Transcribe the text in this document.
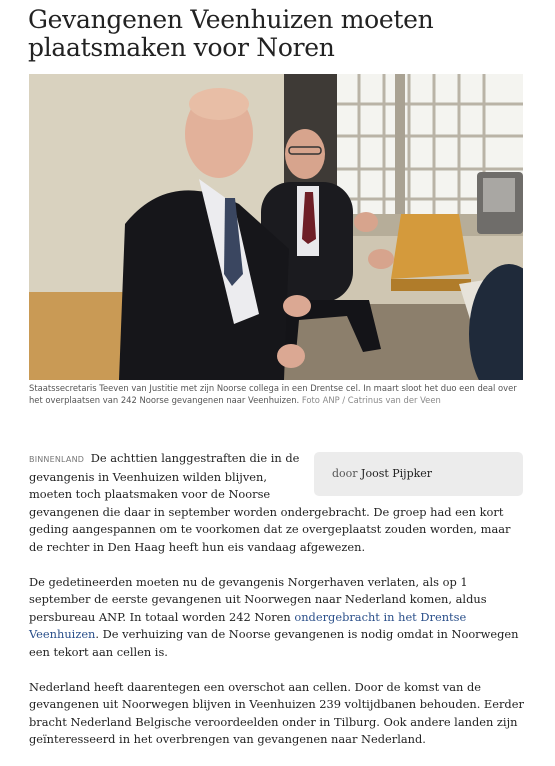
Gevangenen Veenhuizen moeten plaatsmaken voor Noren
Staatssecretaris Teeven van Justitie met zijn Noorse collega in een Drentse cel. In maart sloot het duo een deal over het overplaatsen van 242 Noorse gevangenen naar Veenhuizen. Foto ANP / Catrinus van der Veen
door Joost Pijpker

BINNENLAND De achttien langgestraften die in de gevangenis in Veenhuizen wilden blijven, moeten toch plaatsmaken voor de Noorse gevangenen die daar in september worden ondergebracht. De groep had een kort geding aangespannen om te voorkomen dat ze overgeplaatst zouden worden, maar de rechter in Den Haag heeft hun eis vandaag afgewezen.

De gedetineerden moeten nu de gevangenis Norgerhaven verlaten, als op 1 september de eerste gevangenen uit Noorwegen naar Nederland komen, aldus persbureau ANP. In totaal worden 242 Noren ondergebracht in het Drentse Veenhuizen. De verhuizing van de Noorse gevangenen is nodig omdat in Noorwegen een tekort aan cellen is.

Nederland heeft daarentegen een overschot aan cellen. Door de komst van de gevangenen uit Noorwegen blijven in Veenhuizen 239 voltijdbanen behouden. Eerder bracht Nederland Belgische veroordeelden onder in Tilburg. Ook andere landen zijn geïnteresseerd in het overbrengen van gevangenen naar Nederland.
